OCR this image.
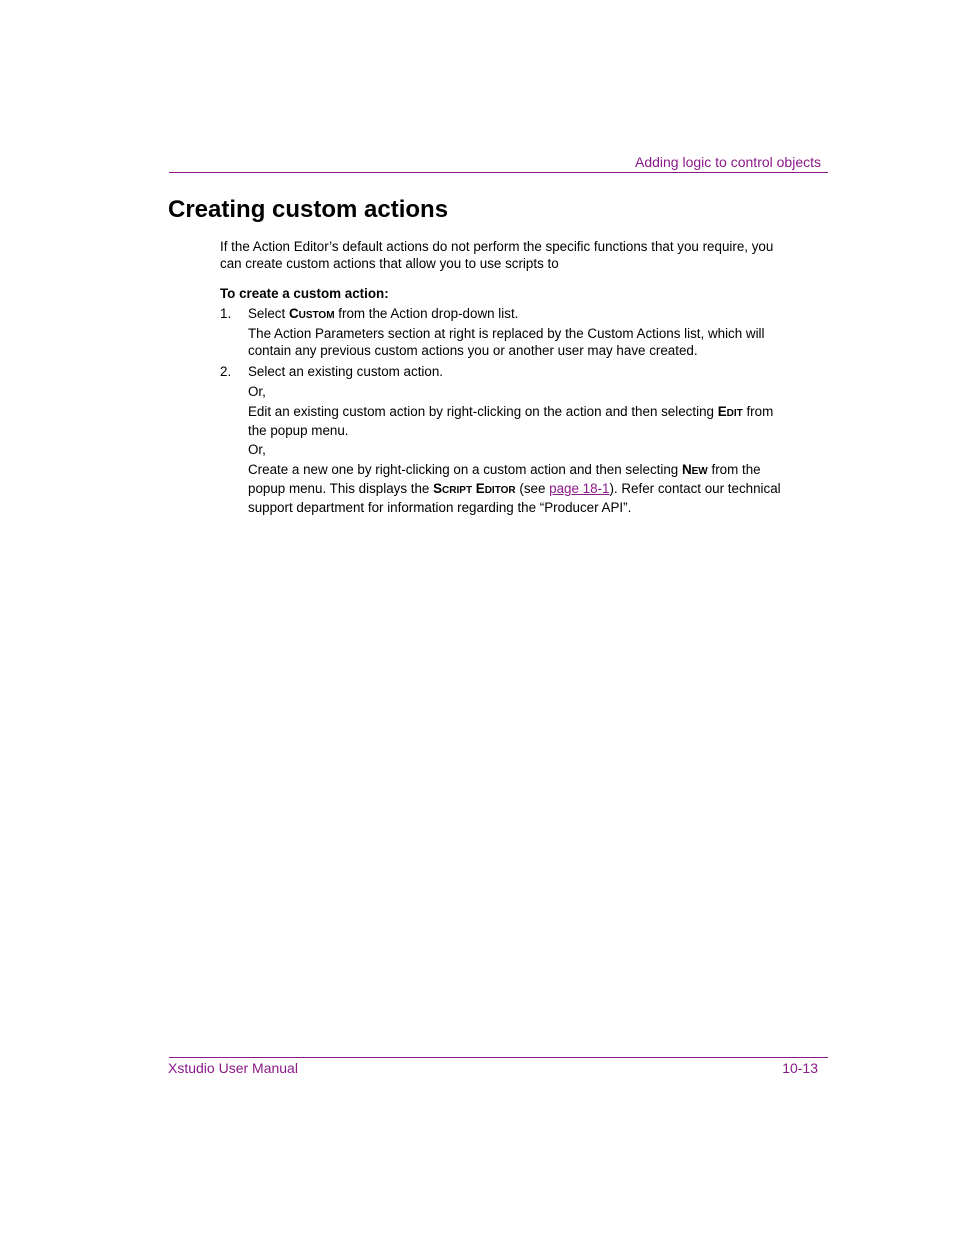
Adding logic to control objects
Creating custom actions
If the Action Editor’s default actions do not perform the specific functions that you require, you can create custom actions that allow you to use scripts to
To create a custom action:
1. Select CUSTOM from the Action drop-down list.
The Action Parameters section at right is replaced by the Custom Actions list, which will contain any previous custom actions you or another user may have created.
2. Select an existing custom action.
Or,
Edit an existing custom action by right-clicking on the action and then selecting EDIT from the popup menu.
Or,
Create a new one by right-clicking on a custom action and then selecting NEW from the popup menu. This displays the SCRIPT EDITOR (see page 18-1). Refer contact our technical support department for information regarding the “Producer API”.
Xstudio User Manual	10-13
